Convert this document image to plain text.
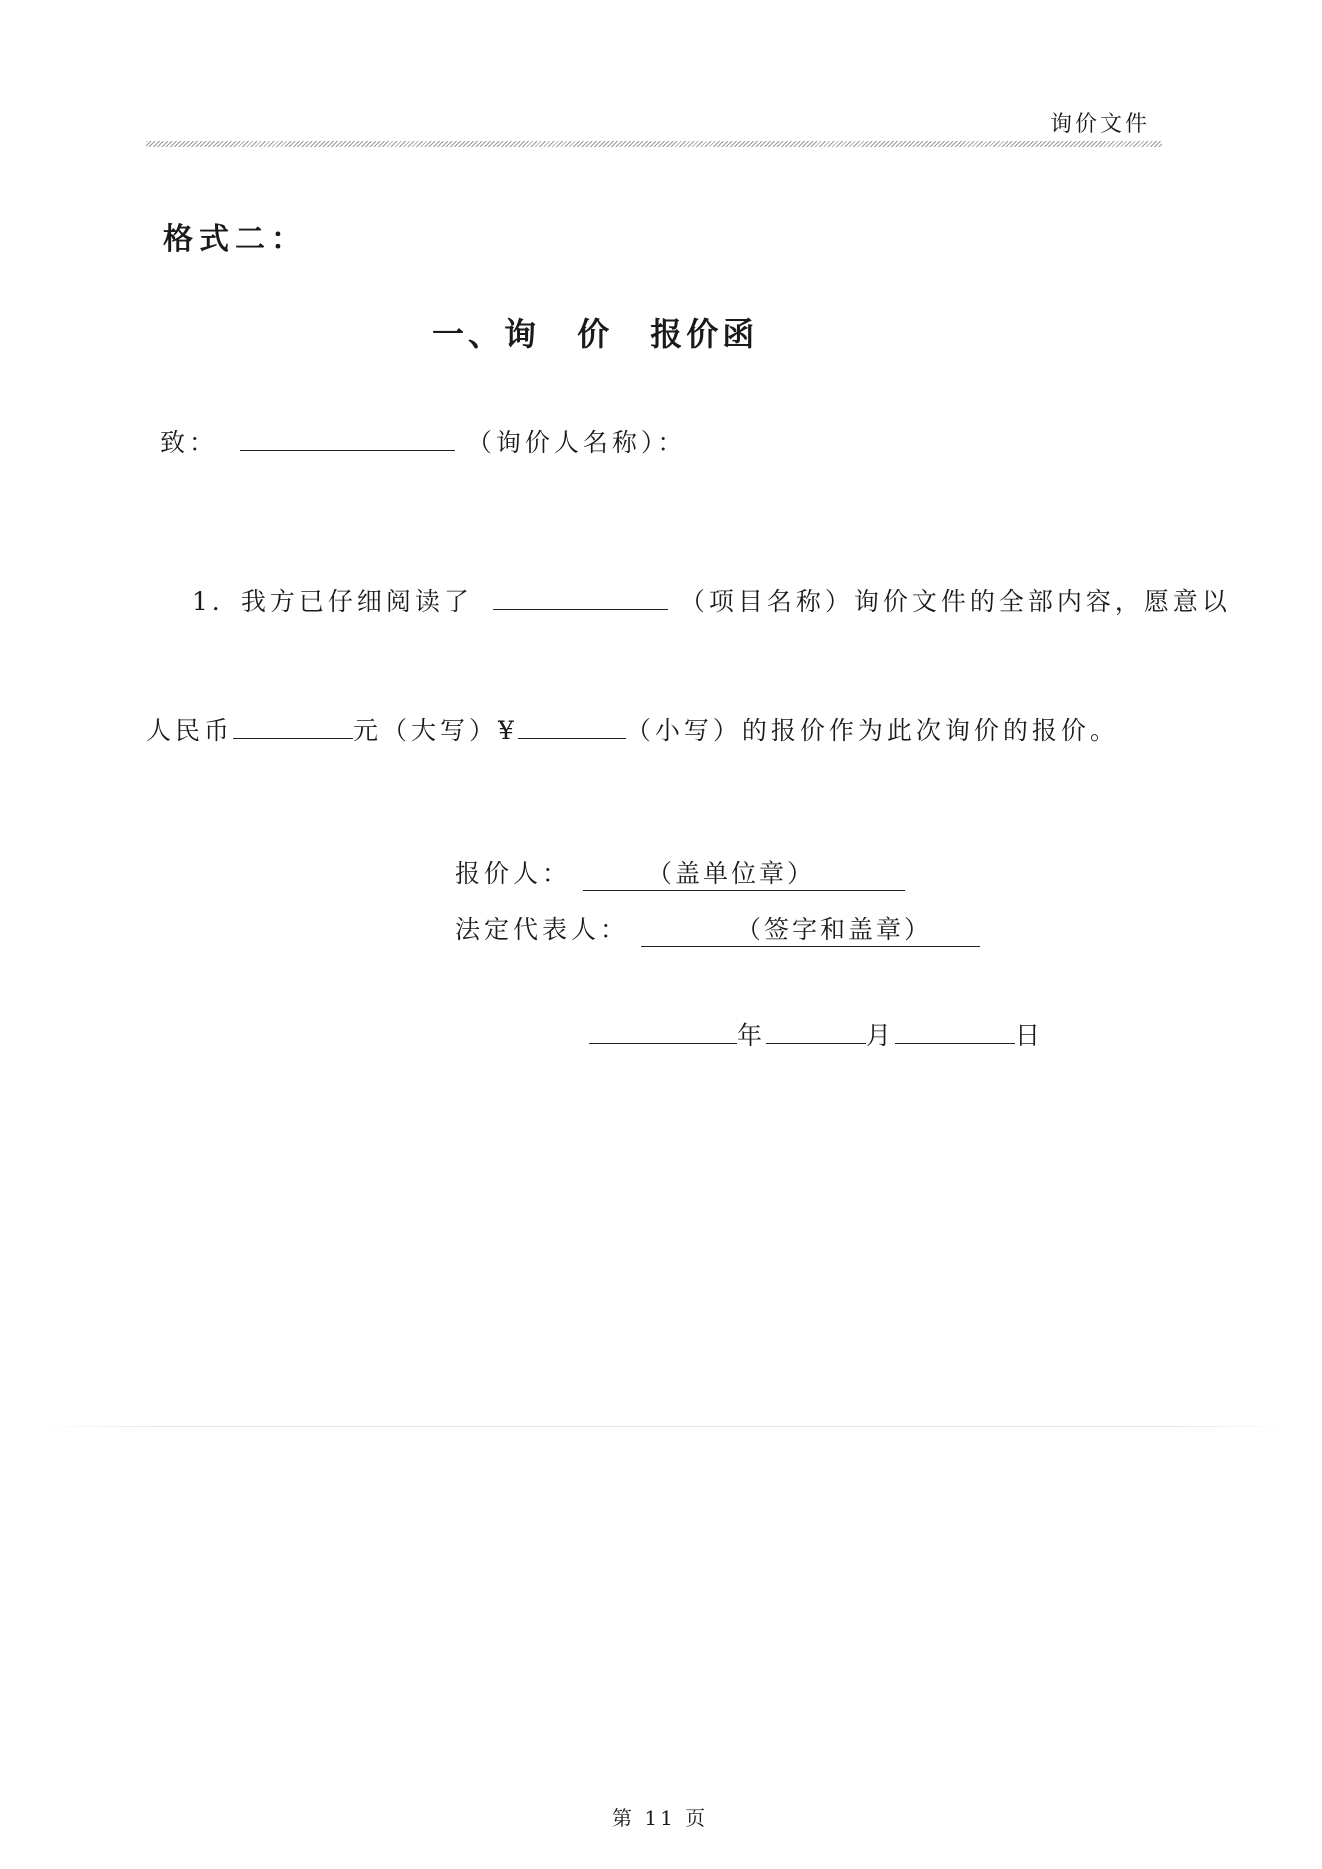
询价文件
格式二：
一、询 价 报价函
致：	（询价人名称）：
1．我方已仔细阅读了	（项目名称）询价文件的全部内容，愿意以
人民币	元（大写）¥	（小写）的报价作为此次询价的报价。
报价人：	（盖单位章）
法定代表人：	（签字和盖章）
年	月	日
第 11 页
